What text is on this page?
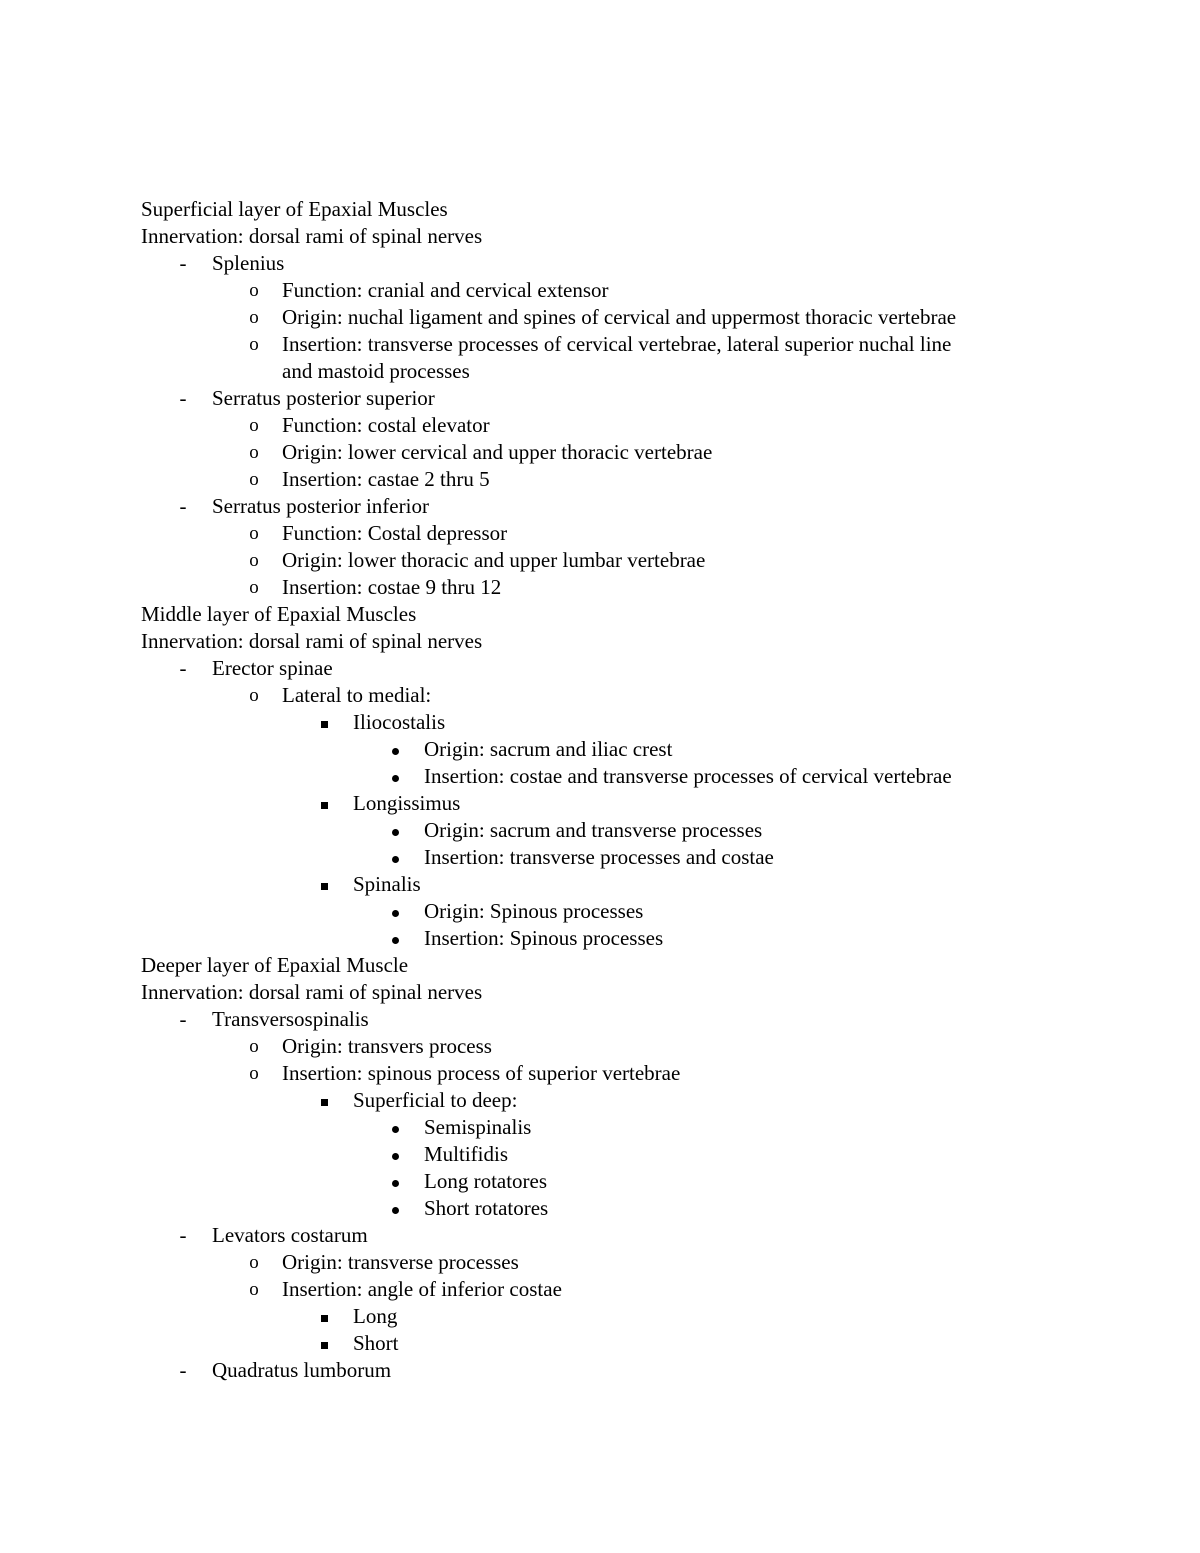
Superficial layer of Epaxial Muscles
Innervation: dorsal rami of spinal nerves
-	Splenius
o	Function: cranial and cervical extensor
o	Origin: nuchal ligament and spines of cervical and uppermost thoracic vertebrae
o	Insertion: transverse processes of cervical vertebrae, lateral superior nuchal line
and mastoid processes
-	Serratus posterior superior
o	Function: costal elevator
o	Origin: lower cervical and upper thoracic vertebrae
o	Insertion: castae 2 thru 5
-	Serratus posterior inferior
o	Function: Costal depressor
o	Origin: lower thoracic and upper lumbar vertebrae
o	Insertion: costae 9 thru 12
Middle layer of Epaxial Muscles
Innervation: dorsal rami of spinal nerves
-	Erector spinae
o	Lateral to medial:
Iliocostalis
Origin: sacrum and iliac crest
Insertion: costae and transverse processes of cervical vertebrae
Longissimus
Origin: sacrum and transverse processes
Insertion: transverse processes and costae
Spinalis
Origin: Spinous processes
Insertion: Spinous processes
Deeper layer of Epaxial Muscle
Innervation: dorsal rami of spinal nerves
-	Transversospinalis
o	Origin: transvers process
o	Insertion: spinous process of superior vertebrae
Superficial to deep:
Semispinalis
Multifidis
Long rotatores
Short rotatores
-	Levators costarum
o	Origin: transverse processes
o	Insertion: angle of inferior costae
Long
Short
-	Quadratus lumborum
